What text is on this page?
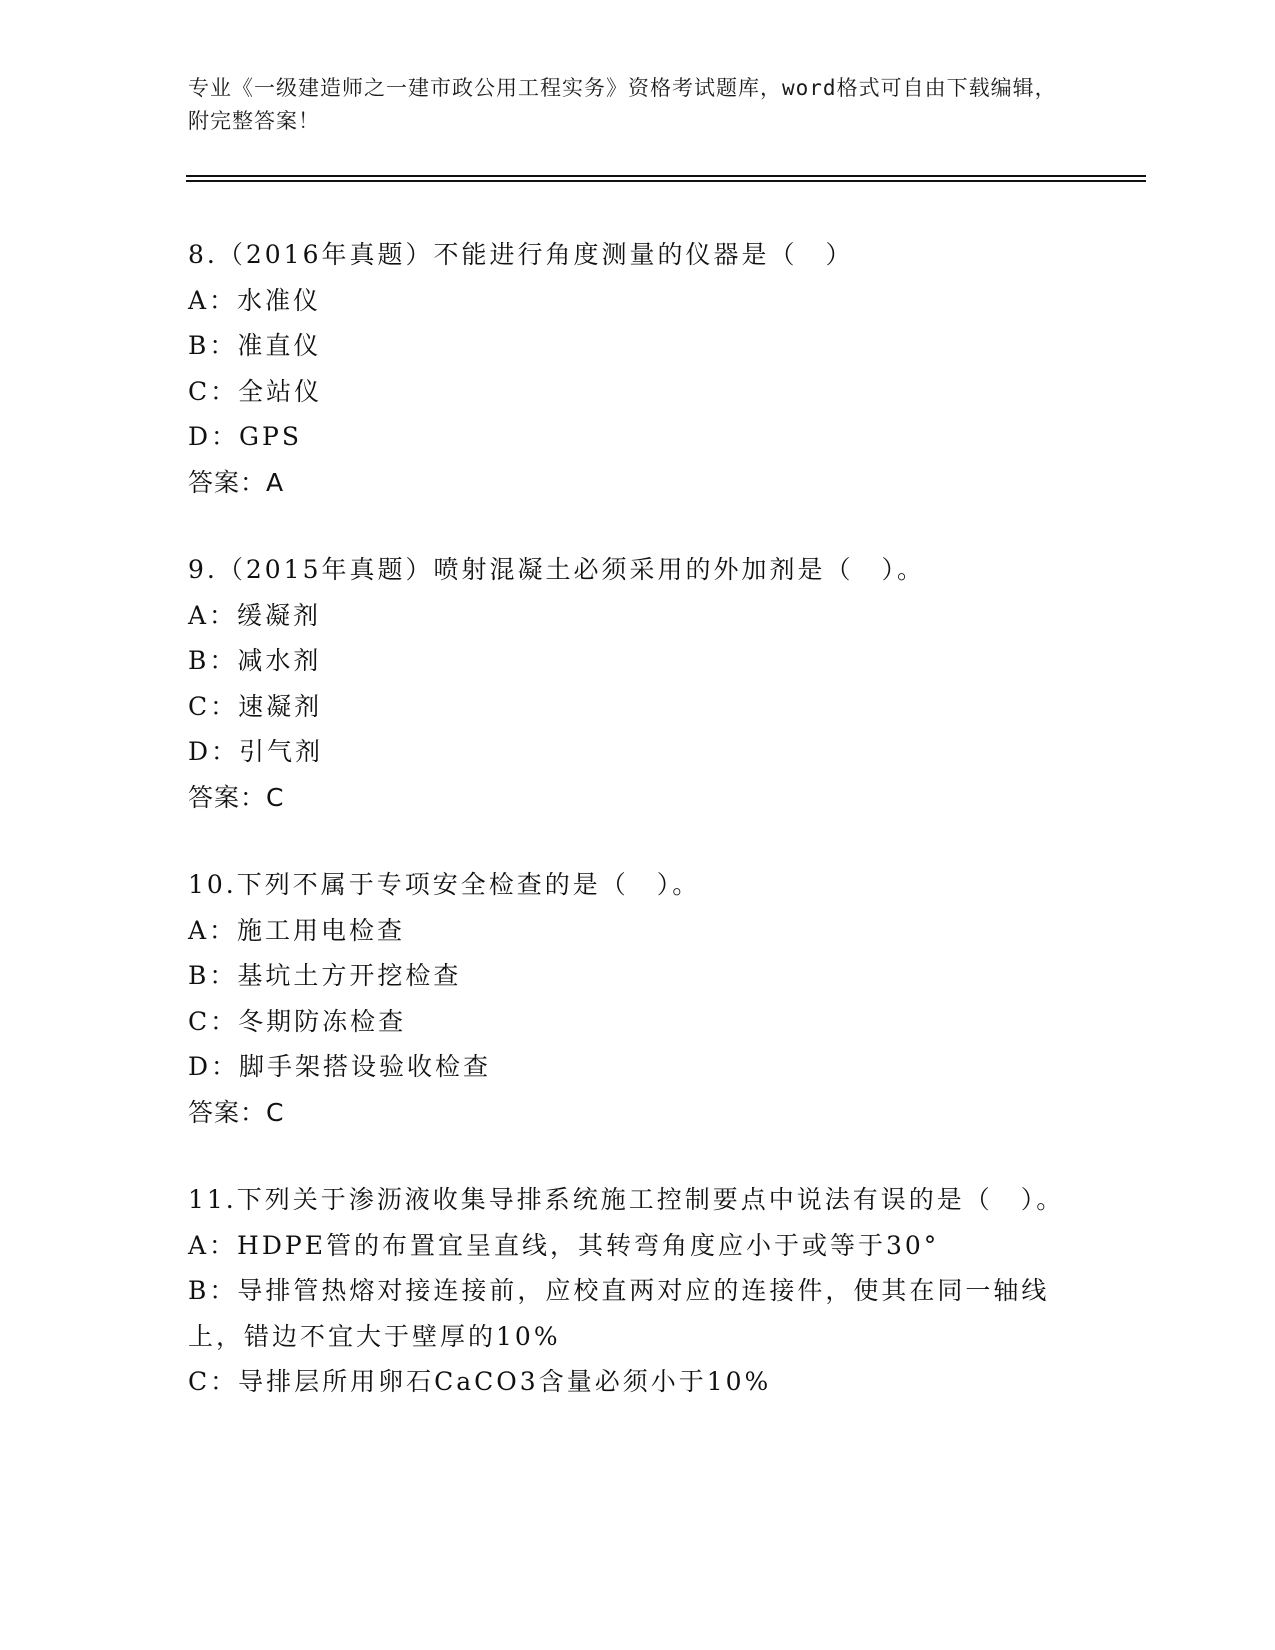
专业《一级建造师之一建市政公用工程实务》资格考试题库，word格式可自由下载编辑，附完整答案！
8.（2016年真题）不能进行角度测量的仪器是（　）
A：水准仪
B：准直仪
C：全站仪
D：GPS
答案：A
9.（2015年真题）喷射混凝土必须采用的外加剂是（　）。
A：缓凝剂
B：减水剂
C：速凝剂
D：引气剂
答案：C
10.下列不属于专项安全检查的是（　）。
A：施工用电检查
B：基坑土方开挖检查
C：冬期防冻检查
D：脚手架搭设验收检查
答案：C
11.下列关于渗沥液收集导排系统施工控制要点中说法有误的是（　）。
A：HDPE管的布置宜呈直线，其转弯角度应小于或等于30°
B：导排管热熔对接连接前，应校直两对应的连接件，使其在同一轴线上，错边不宜大于壁厚的10%
C：导排层所用卵石CaCO3含量必须小于10%
